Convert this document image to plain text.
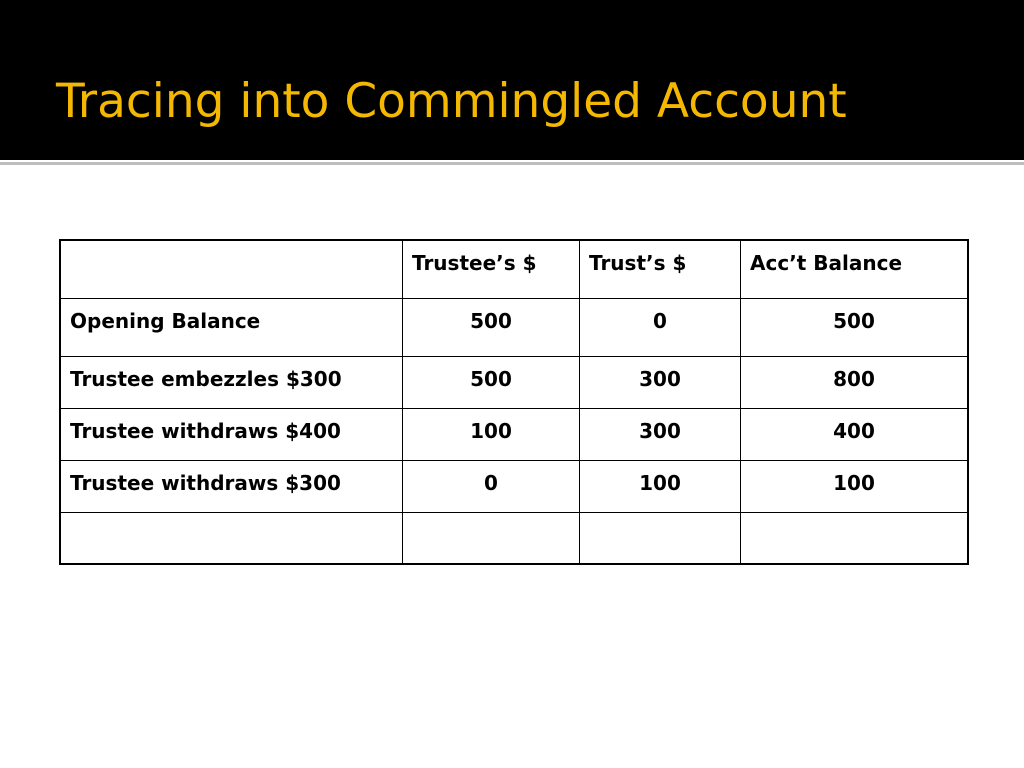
Tracing into Commingled Account
	Trustee’s $	Trust’s $	Acc’t Balance
Opening Balance	500	0	500
Trustee embezzles $300	500	300	800
Trustee withdraws $400	100	300	400
Trustee withdraws $300	0	100	100
